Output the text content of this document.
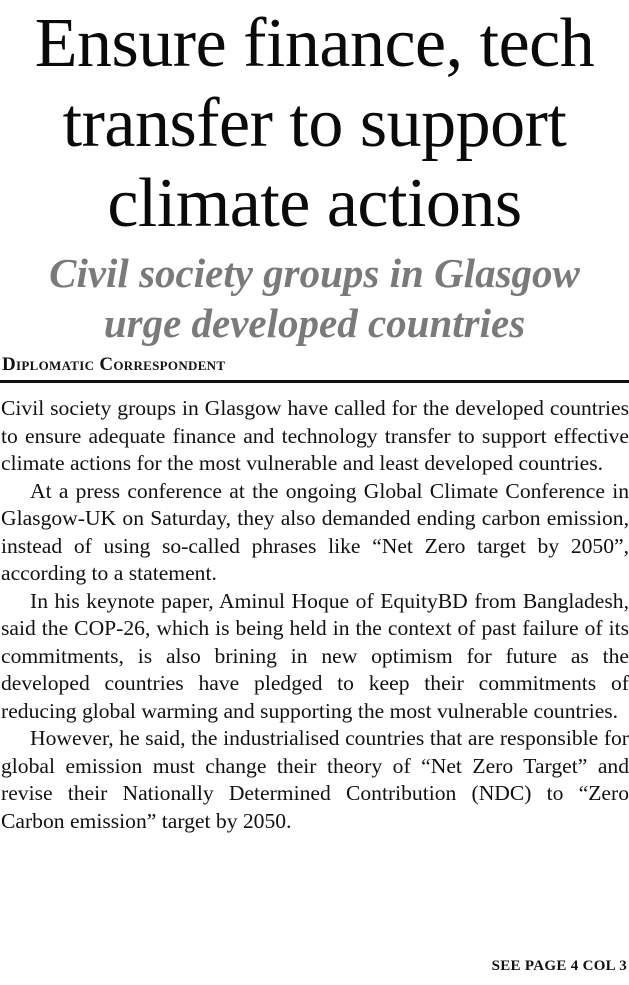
Ensure finance, tech
transfer to support
climate actions
Civil society groups in Glasgow
urge developed countries
Diplomatic Correspondent

Civil society groups in Glasgow have called for the developed countries to ensure adequate finance and technology transfer to support effective climate actions for the most vulnerable and least developed countries.

At a press conference at the ongoing Global Climate Conference in Glasgow-UK on Saturday, they also demanded ending carbon emission, instead of using so-called phrases like “Net Zero target by 2050”, according to a statement.

In his keynote paper, Aminul Hoque of EquityBD from Bangladesh, said the COP-26, which is being held in the context of past failure of its commitments, is also brining in new optimism for future as the developed countries have pledged to keep their commitments of reducing global warming and supporting the most vulnerable countries.

However, he said, the industrialised countries that are responsible for global emission must change their theory of “Net Zero Target” and revise their Nationally Determined Contribution (NDC) to “Zero Carbon emission” target by 2050.

SEE PAGE 4 COL 3
